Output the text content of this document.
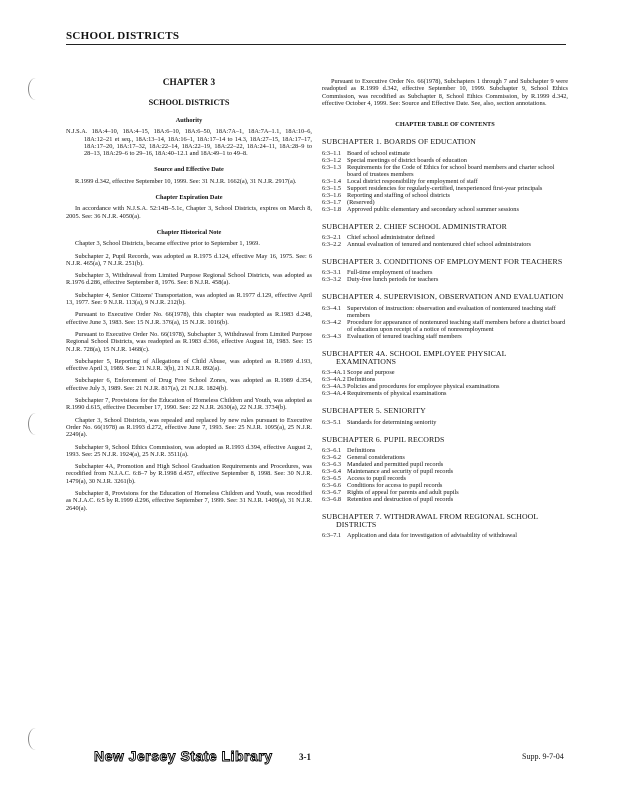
SCHOOL DISTRICTS
CHAPTER 3
SCHOOL DISTRICTS
Authority
N.J.S.A. 18A:4–10, 18A:4–15, 18A:6–10, 18A:6–50, 18A:7A–1, 18A:7A–1.1, 18A:10–6, 18A:12–21 et seq., 18A:13–14, 18A:16–1, 18A:17–14 to 14.3, 18A:27–15, 18A:17–17, 18A:17–20, 18A:17–32, 18A:22–14, 18A:22–19, 18A:22–22, 18A:24–11, 18A:28–9 to 28–13, 18A:29–6 to 29–16, 18A:40–12.1 and 18A:49–1 to 49–8.
Source and Effective Date
R.1999 d.342, effective September 10, 1999. See: 31 N.J.R. 1662(a), 31 N.J.R. 2917(a).
Chapter Expiration Date
In accordance with N.J.S.A. 52:14B–5.1c, Chapter 3, School Districts, expires on March 8, 2005. See: 36 N.J.R. 4050(a).
Chapter Historical Note
Chapter 3, School Districts, became effective prior to September 1, 1969.
Subchapter 2, Pupil Records, was adopted as R.1975 d.124, effective May 16, 1975. See: 6 N.J.R. 465(a), 7 N.J.R. 251(b).
Subchapter 3, Withdrawal from Limited Purpose Regional School Districts, was adopted as R.1976 d.286, effective September 8, 1976. See: 8 N.J.R. 458(a).
Subchapter 4, Senior Citizens' Transportation, was adopted as R.1977 d.129, effective April 13, 1977. See: 9 N.J.R. 113(a), 9 N.J.R. 212(b).
Pursuant to Executive Order No. 66(1978), this chapter was readopted as R.1983 d.248, effective June 3, 1983. See: 15 N.J.R. 376(a), 15 N.J.R. 1016(b).
Pursuant to Executive Order No. 66(1978), Subchapter 3, Withdrawal from Limited Purpose Regional School Districts, was readopted as R.1983 d.366, effective August 18, 1983. See: 15 N.J.R. 728(a), 15 N.J.R. 1468(c).
Subchapter 5, Reporting of Allegations of Child Abuse, was adopted as R.1989 d.193, effective April 3, 1989. See: 21 N.J.R. 3(b), 21 N.J.R. 892(a).
Subchapter 6, Enforcement of Drug Free School Zones, was adopted as R.1989 d.354, effective July 3, 1989. See: 21 N.J.R. 817(a), 21 N.J.R. 1824(b).
Subchapter 7, Provisions for the Education of Homeless Children and Youth, was adopted as R.1990 d.615, effective December 17, 1990. See: 22 N.J.R. 2630(a), 22 N.J.R. 3734(b).
Chapter 3, School Districts, was repealed and replaced by new rules pursuant to Executive Order No. 66(1978) as R.1993 d.272, effective June 7, 1993. See: 25 N.J.R. 1095(a), 25 N.J.R. 2249(a).
Subchapter 9, School Ethics Commission, was adopted as R.1993 d.394, effective August 2, 1993. See: 25 N.J.R. 1924(a), 25 N.J.R. 3511(a).
Subchapter 4A, Promotion and High School Graduation Requirements and Procedures, was recodified from N.J.A.C. 6:8–7 by R.1998 d.457, effective September 8, 1998. See: 30 N.J.R. 1479(a), 30 N.J.R. 3261(b).
Subchapter 8, Provisions for the Education of Homeless Children and Youth, was recodified as N.J.A.C. 6:5 by R.1999 d.296, effective September 7, 1999. See: 31 N.J.R. 1409(a), 31 N.J.R. 2640(a).
Pursuant to Executive Order No. 66(1978), Subchapters 1 through 7 and Subchapter 9 were readopted as R.1999 d.342, effective September 10, 1999. Subchapter 9, School Ethics Commission, was recodified as Subchapter 8, School Ethics Commission, by R.1999 d.342, effective October 4, 1999. See: Source and Effective Date. See, also, section annotations.
CHAPTER TABLE OF CONTENTS
SUBCHAPTER 1. BOARDS OF EDUCATION
6:3–1.1 Board of school estimate
6:3–1.2 Special meetings of district boards of education
6:3–1.3 Requirements for the Code of Ethics for school board members and charter school board of trustees members
6:3–1.4 Local district responsibility for employment of staff
6:3–1.5 Support residencies for regularly-certified, inexperienced first-year principals
6:3–1.6 Reporting and staffing of school districts
6:3–1.7 (Reserved)
6:3–1.8 Approved public elementary and secondary school summer sessions
SUBCHAPTER 2. CHIEF SCHOOL ADMINISTRATOR
6:3–2.1 Chief school administrator defined
6:3–2.2 Annual evaluation of tenured and nontenured chief school administrators
SUBCHAPTER 3. CONDITIONS OF EMPLOYMENT FOR TEACHERS
6:3–3.1 Full-time employment of teachers
6:3–3.2 Duty-free lunch periods for teachers
SUBCHAPTER 4. SUPERVISION, OBSERVATION AND EVALUATION
6:3–4.1 Supervision of instruction: observation and evaluation of nontenured teaching staff members
6:3–4.2 Procedure for appearance of nontenured teaching staff members before a district board of education upon receipt of a notice of nonreemployment
6:3–4.3 Evaluation of tenured teaching staff members
SUBCHAPTER 4A. SCHOOL EMPLOYEE PHYSICAL EXAMINATIONS
6:3–4A.1 Scope and purpose
6:3–4A.2 Definitions
6:3–4A.3 Policies and procedures for employee physical examinations
6:3–4A.4 Requirements of physical examinations
SUBCHAPTER 5. SENIORITY
6:3–5.1 Standards for determining seniority
SUBCHAPTER 6. PUPIL RECORDS
6:3–6.1 Definitions
6:3–6.2 General considerations
6:3–6.3 Mandated and permitted pupil records
6:3–6.4 Maintenance and security of pupil records
6:3–6.5 Access to pupil records
6:3–6.6 Conditions for access to pupil records
6:3–6.7 Rights of appeal for parents and adult pupils
6:3–6.8 Retention and destruction of pupil records
SUBCHAPTER 7. WITHDRAWAL FROM REGIONAL SCHOOL DISTRICTS
6:3–7.1 Application and data for investigation of advisability of withdrawal
New Jersey State Library	3-1	Supp. 9-7-04
